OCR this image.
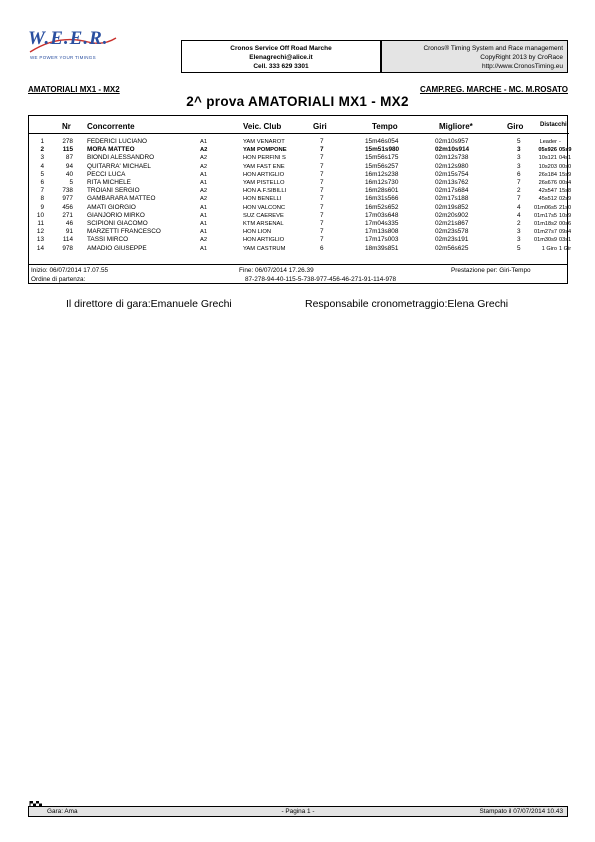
W.E.E.R.
WE POWER YOUR TIMINGS
Cronos Service Off Road Marche
Elenagrechi@alice.it
Cell. 333 629 3301
Cronos® Timing System and Race management
CopyRight 2013 by CroRace
http://www.CronosTiming.eu
AMATORIALI MX1 - MX2	CAMP.REG. MARCHE - MC. M.ROSATO
2^ prova AMATORIALI MX1 - MX2
Nr Concorrente	Veic. Club	Giri	Tempo	Migliore*	Giro	Distacchi
1	278 FEDERICI LUCIANO	A1	YAM VENAROT	7	15m46s054	02m10s957	5	Leader -
2	115 MORA MATTEO	A2	YAM POMPONE	7	15m51s980	02m10s914	3	05s926 05s9
3	87 BIONDI ALESSANDRO	A2	HON PERFINI S	7	15m56s175	02m12s738	3	10s121 04s1
4	94 QUITARRA' MICHAEL	A2	YAM FAST ENE	7	15m56s257	02m12s980	3	10s203 00s0
5	40 PECCI LUCA	A1	HON ARTIGLIO	7	16m12s238	02m15s754	6	26s184 15s9
6	5 RITA MICHELE	A1	YAM PISTELLO	7	16m12s730	02m13s762	7	26s676 00s4
7	738 TROIANI SERGIO	A2	HON A.F.SIBILLI	7	16m28s601	02m17s684	2	42s547 15s8
8	977 GAMBARARA MATTEO	A2	HON BENELLI	7	16m31s566	02m17s188	7	45s512 02s9
9	456 AMATI GIORGIO	A1	HON VALCONC	7	16m52s652	02m19s852	4	01m06s5 21s0
10	271 GIANJORIO MIRKO	A1	SUZ CAEREVE	7	17m03s648	02m20s902	4	01m17s5 10s9
11	46 SCIPIONI GIACOMO	A1	KTM ARSENAL	7	17m04s335	02m21s867	2	01m18s2 00s6
12	91 MARZETTI FRANCESCO	A1	HON LION	7	17m13s808	02m23s578	3	01m27s7 09s4
13	114 TASSI MIRCO	A2	HON ARTIGLIO	7	17m17s003	02m23s191	3	01m30s9 03s1
14	978 AMADIO GIUSEPPE	A1	YAM CASTRUM	6	18m39s851	02m56s625	5	1 Giro 1 Gir
Inizio: 06/07/2014 17.07.55	Fine: 06/07/2014 17.26.39	Prestazione per: Giri-Tempo
Ordine di partenza:	87-278-94-40-115-5-738-977-456-46-271-91-114-978
Il direttore di gara:Emanuele Grechi	Responsabile cronometraggio:Elena Grechi
Gara: Ama	- Pagina 1 -	Stampato il 07/07/2014 10.43
